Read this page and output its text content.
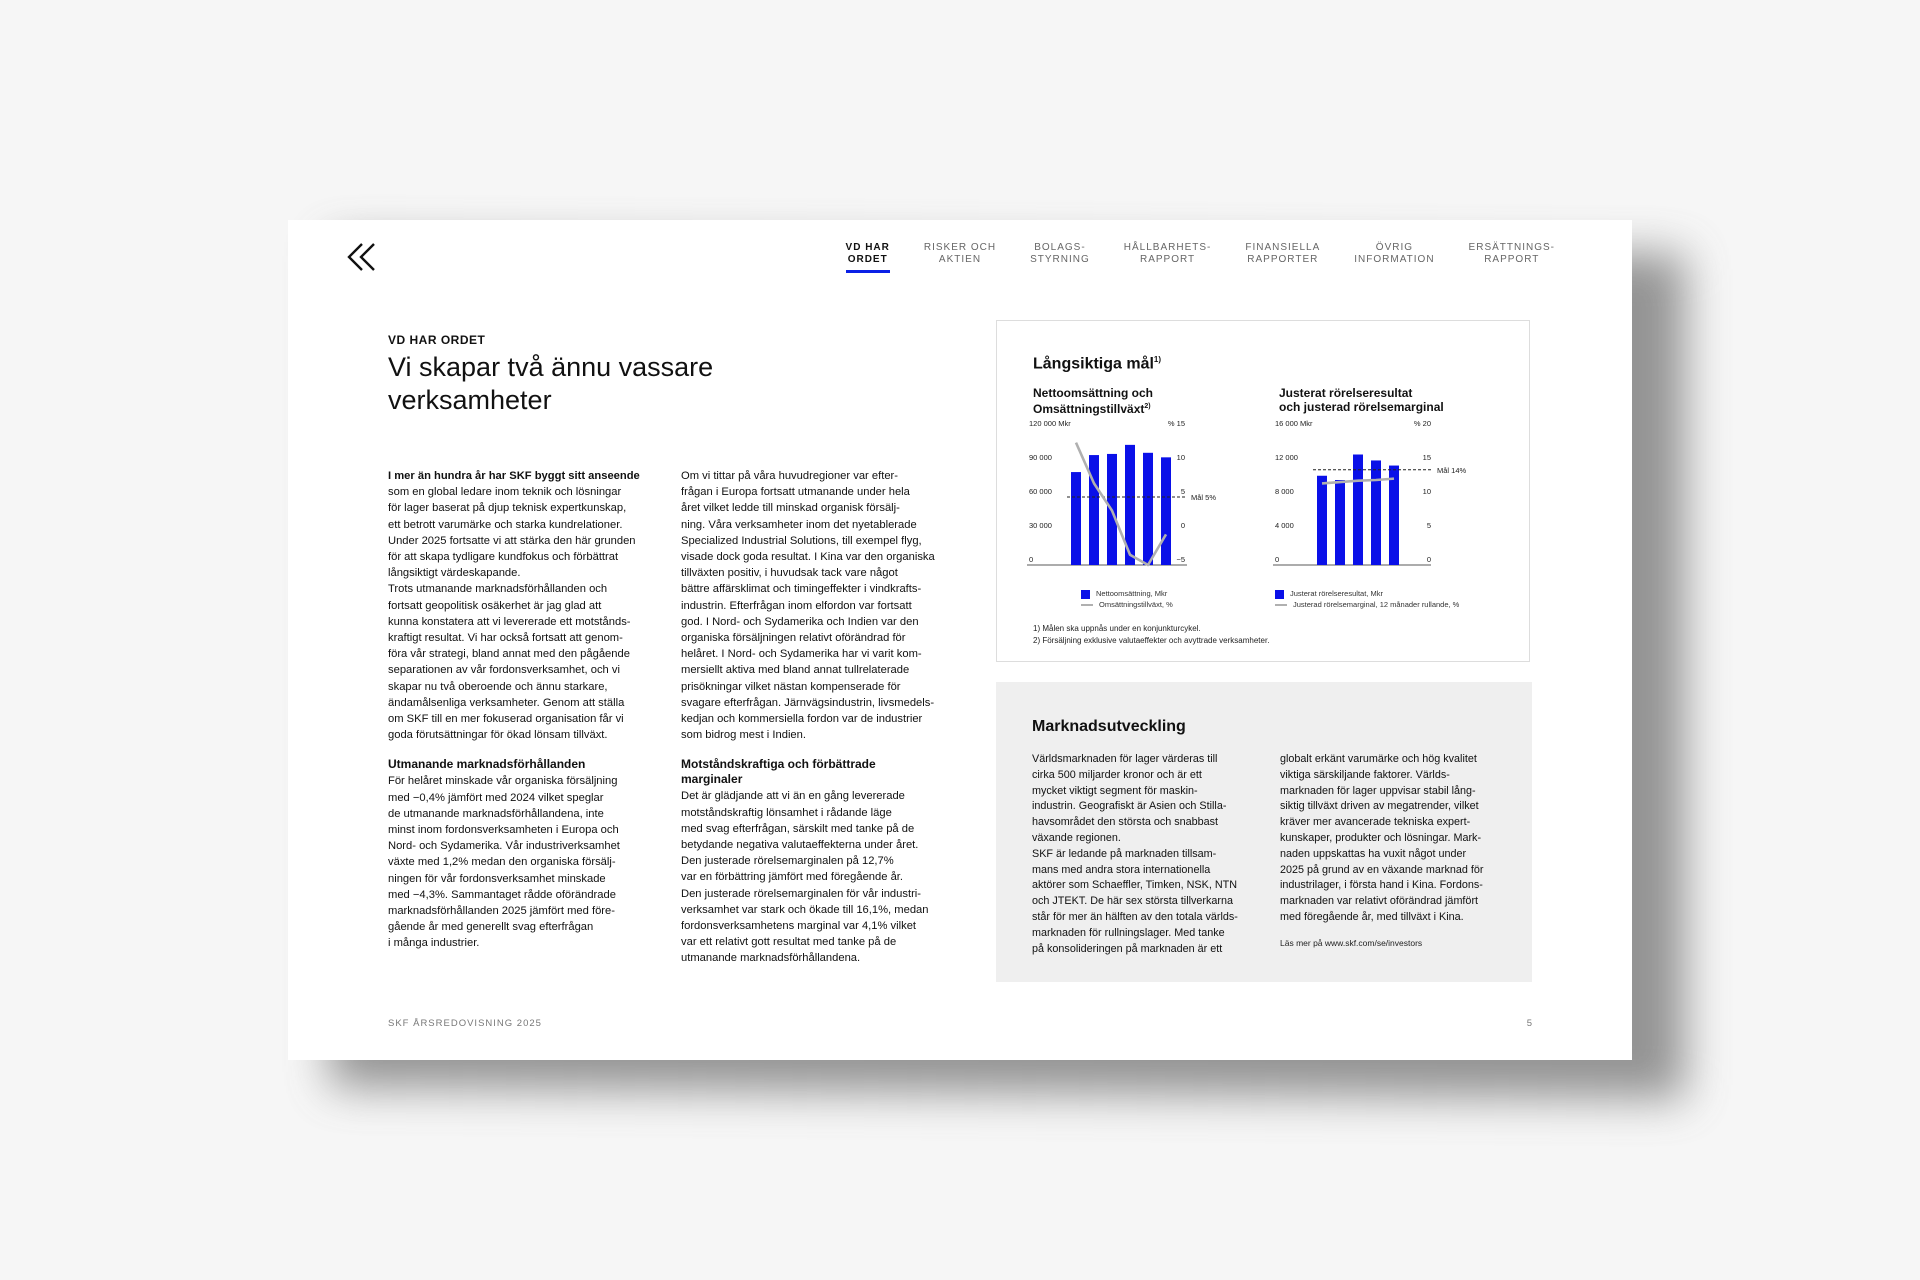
VD HAR
ORDET
RISKER OCH
AKTIEN
BOLAGS-
STYRNING
HÅLLBARHETS-
RAPPORT
FINANSIELLA
RAPPORTER
ÖVRIG
INFORMATION
ERSÄTTNINGS-
RAPPORT
VD HAR ORDET
Vi skapar två ännu vassare verksamheter

I mer än hundra år har SKF byggt sitt anseende

som en global ledare inom teknik och lösningar
för lager baserat på djup teknisk expertkunskap,
ett betrott varumärke och starka kundrelationer.
Under 2025 fortsatte vi att stärka den här grunden
för att skapa tydligare kundfokus och förbättrat
långsiktigt värdeskapande.

Trots utmanande marknadsförhållanden och
fortsatt geopolitisk osäkerhet är jag glad att
kunna konstatera att vi levererade ett motstånds-
kraftigt resultat. Vi har också fortsatt att genom-
föra vår strategi, bland annat med den pågående
separationen av vår fordonsverksamhet, och vi
skapar nu två oberoende och ännu starkare,
ändamålsenliga verksamheter. Genom att ställa
om SKF till en mer fokuserad organisation får vi
goda förutsättningar för ökad lönsam tillväxt.

Utmanande marknadsförhållanden

För helåret minskade vår organiska försäljning
med −0,4% jämfört med 2024 vilket speglar
de utmanande marknadsförhållandena, inte
minst inom fordonsverksamheten i Europa och
Nord- och Sydamerika. Vår industriverksamhet
växte med 1,2% medan den organiska försälj-
ningen för vår fordonsverksamhet minskade
med −4,3%. Sammantaget rådde oförändrade
marknadsförhållanden 2025 jämfört med före-
gående år med generellt svag efterfrågan
i många industrier.

Om vi tittar på våra huvudregioner var efter-
frågan i Europa fortsatt utmanande under hela
året vilket ledde till minskad organisk försälj-
ning. Våra verksamheter inom det nyetablerade
Specialized Industrial Solutions, till exempel flyg,
visade dock goda resultat. I Kina var den organiska
tillväxten positiv, i huvudsak tack vare något
bättre affärsklimat och timingeffekter i vindkrafts-
industrin. Efterfrågan inom elfordon var fortsatt
god. I Nord- och Sydamerika och Indien var den
organiska försäljningen relativt oförändrad för
helåret. I Nord- och Sydamerika har vi varit kom-
mersiellt aktiva med bland annat tullrelaterade
prisökningar vilket nästan kompenserade för
svagare efterfrågan. Järnvägsindustrin, livsmedels-
kedjan och kommersiella fordon var de industrier
som bidrog mest i Indien.

Motståndskraftiga och förbättrade
marginaler

Det är glädjande att vi än en gång levererade
motståndskraftig lönsamhet i rådande läge
med svag efterfrågan, särskilt med tanke på de
betydande negativa valutaeffekterna under året.
Den justerade rörelsemarginalen på 12,7%
var en förbättring jämfört med föregående år.
Den justerade rörelsemarginalen för vår industri-
verksamhet var stark och ökade till 16,1%, medan
fordonsverksamhetens marginal var 4,1% vilket
var ett relativt gott resultat med tanke på de
utmanande marknadsförhållandena.

Långsiktiga mål$^{1)}$
Nettoomsättning och
Omsättningstillväxt$^{2)}$
Justerat rörelseresultat
och justerad rörelsemarginal
0
30 000
60 000
90 000
120 000 Mkr
−5
0
5
10
% 15
Mål 5%
0
4 000
8 000
12 000
16 000 Mkr
0
5
10
15
% 20
Mål 14%
Nettoomsättning, Mkr
Omsättningstillväxt, %
Justerat rörelseresultat, Mkr
Justerad rörelsemarginal, 12 månader rullande, %

1) Målen ska uppnås under en konjunkturcykel.

2) Försäljning exklusive valutaeffekter och avyttrade verksamheter.

Marknadsutveckling

Världsmarknaden för lager värderas till
cirka 500 miljarder kronor och är ett
mycket viktigt segment för maskin-
industrin. Geografiskt är Asien och Stilla-
havsområdet den största och snabbast
växande regionen.
SKF är ledande på marknaden tillsam-
mans med andra stora internationella
aktörer som Schaeffler, Timken, NSK, NTN
och JTEKT. De här sex största tillverkarna
står för mer än hälften av den totala världs-
marknaden för rullningslager. Med tanke
på konsolideringen på marknaden är ett

globalt erkänt varumärke och hög kvalitet
viktiga särskiljande faktorer. Världs-
marknaden för lager uppvisar stabil lång-
siktig tillväxt driven av megatrender, vilket
kräver mer avancerade tekniska expert-
kunskaper, produkter och lösningar. Mark-
naden uppskattas ha vuxit något under
2025 på grund av en växande marknad för
industrilager, i första hand i Kina. Fordons-
marknaden var relativt oförändrad jämfört
med föregående år, med tillväxt i Kina.

Läs mer på www.skf.com/se/investors

SKF ÅRSREDOVISNING 2025	5
